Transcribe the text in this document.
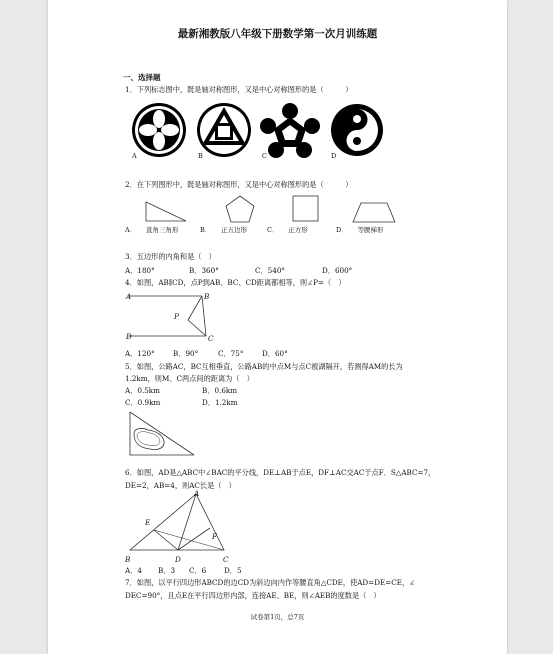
最新湘教版八年级下册数学第一次月训练题
一、选择题
1．下列标志图中，既是轴对称图形，又是中心对称图形的是（　　　）
A	B	C	D
2．在下列图形中，既是轴对称图形，又是中心对称图形的是（　　　）
A．　　直角三角形	B．　　正五边形	C．　　正方形	D．　　等腰梯形
3．五边形的内角和是（　）
A．180°	B．360°	C．540°	D．600°
4．如图，AB∥CD，点P到AB、BC、CD距离都相等，则∠P=（　）
A	B
P
D	C
A．120°	B．90°	C．75°	D．60°
5．如图，公路AC，BC互相垂直，公路AB的中点M与点C被湖隔开，若测得AM的长为
1.2km，则M、C两点间的距离为（　）
A．0.5km	B．0.6km
C．0.9km	D．1.2km
6．如图，AD是△ABC中∠BAC的平分线，DE⊥AB于点E，DF⊥AC交AC于点F．S△ABC=7，
DE=2，AB=4，则AC长是（　）
A
E
F
B	D	C
A．4 B．3 C．6 D．5
7．如图，以平行四边形ABCD的边CD为斜边向内作等腰直角△CDE，使AD=DE=CE，∠
DEC=90°，且点E在平行四边形内部，连接AE、BE，则∠AEB的度数是（　）
试卷第1页，总7页
